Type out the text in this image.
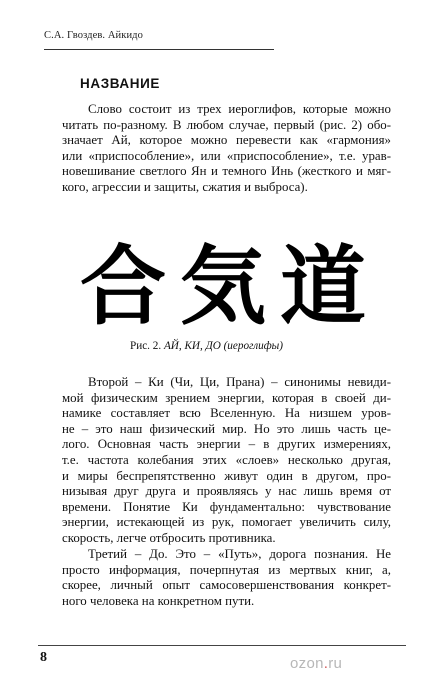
С.А. Гвоздев. Айкидо
НАЗВАНИЕ

Слово состоит из трех иероглифов, которые можно
читать по-разному. В любом случае, первый (рис. 2) обо-
значает Ай, которое можно перевести как «гармония»
или «приспособление», или «приспособление», т.е. урав-
новешивание светлого Ян и темного Инь (жесткого и мяг-
кого, агрессии и защиты, сжатия и выброса).

合 気 道
Рис. 2. АЙ, КИ, ДО (иероглифы)

Второй – Ки (Чи, Ци, Прана) – синонимы невиди-
мой физическим зрением энергии, которая в своей ди-
намике составляет всю Вселенную. На низшем уров-
не – это наш физический мир. Но это лишь часть це-
лого. Основная часть энергии – в других измерениях,
т.е. частота колебания этих «слоев» несколько другая,
и миры беспрепятственно живут один в другом, про-
низывая друг друга и проявляясь у нас лишь время от
времени. Понятие Ки фундаментально: чувствование
энергии, истекающей из рук, помогает увеличить силу,
скорость, легче отбросить противника.

Третий – До. Это – «Путь», дорога познания. Не
просто информация, почерпнутая из мертвых книг, а,
скорее, личный опыт самосовершенствования конкрет-
ного человека на конкретном пути.

8	ozon.ru
